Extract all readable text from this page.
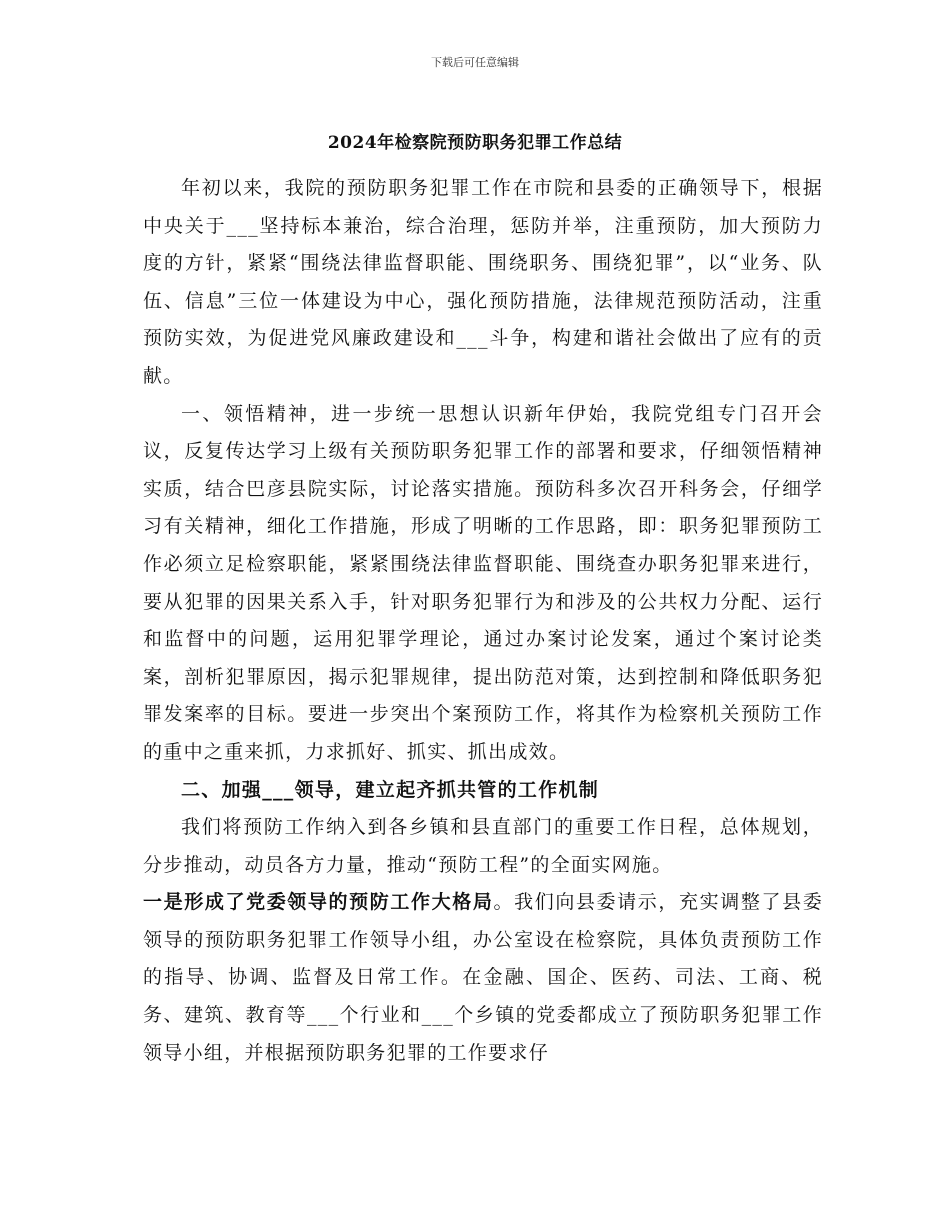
下载后可任意编辑
2024年检察院预防职务犯罪工作总结

年初以来，我院的预防职务犯罪工作在市院和县委的正确领导下，根据中央关于___坚持标本兼治，综合治理，惩防并举，注重预防，加大预防力度的方针，紧紧“围绕法律监督职能、围绕职务、围绕犯罪”，以“业务、队伍、信息”三位一体建设为中心，强化预防措施，法律规范预防活动，注重预防实效，为促进党风廉政建设和___斗争，构建和谐社会做出了应有的贡献。

一、领悟精神，进一步统一思想认识新年伊始，我院党组专门召开会议，反复传达学习上级有关预防职务犯罪工作的部署和要求，仔细领悟精神实质，结合巴彦县院实际，讨论落实措施。预防科多次召开科务会，仔细学习有关精神，细化工作措施，形成了明晰的工作思路，即：职务犯罪预防工作必须立足检察职能，紧紧围绕法律监督职能、围绕查办职务犯罪来进行，要从犯罪的因果关系入手，针对职务犯罪行为和涉及的公共权力分配、运行和监督中的问题，运用犯罪学理论，通过办案讨论发案，通过个案讨论类案，剖析犯罪原因，揭示犯罪规律，提出防范对策，达到控制和降低职务犯罪发案率的目标。要进一步突出个案预防工作，将其作为检察机关预防工作的重中之重来抓，力求抓好、抓实、抓出成效。

二、加强___领导，建立起齐抓共管的工作机制

我们将预防工作纳入到各乡镇和县直部门的重要工作日程，总体规划，分步推动，动员各方力量，推动“预防工程”的全面实网施。

一是形成了党委领导的预防工作大格局。我们向县委请示，充实调整了县委领导的预防职务犯罪工作领导小组，办公室设在检察院，具体负责预防工作的指导、协调、监督及日常工作。在金融、国企、医药、司法、工商、税务、建筑、教育等___个行业和___个乡镇的党委都成立了预防职务犯罪工作领导小组，并根据预防职务犯罪的工作要求仔
